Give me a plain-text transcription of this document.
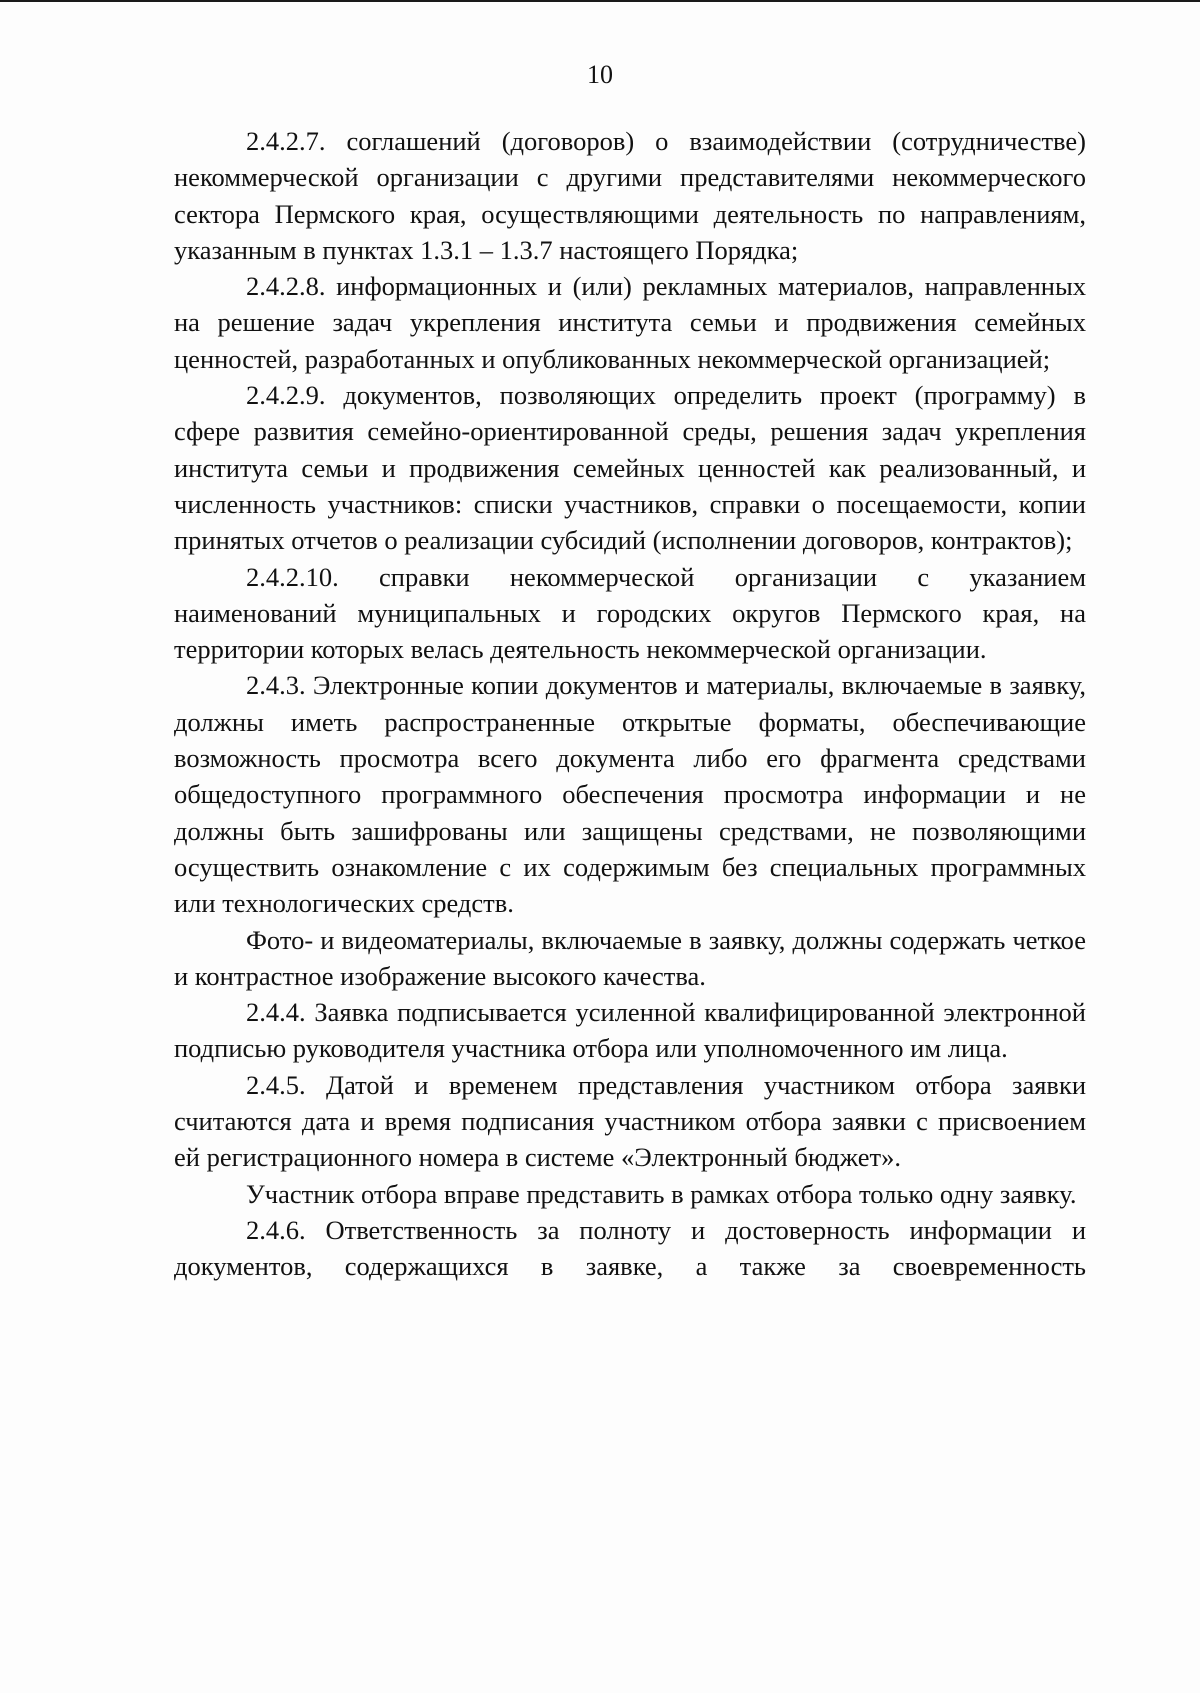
10

2.4.2.7. соглашений (договоров) о взаимодействии (сотрудничестве) некоммерческой организации с другими представителями некоммерческого сектора Пермского края, осуществляющими деятельность по направлениям, указанным в пунктах 1.3.1 – 1.3.7 настоящего Порядка;

2.4.2.8. информационных и (или) рекламных материалов, направленных на решение задач укрепления института семьи и продвижения семейных ценностей, разработанных и опубликованных некоммерческой организацией;

2.4.2.9. документов, позволяющих определить проект (программу) в сфере развития семейно-ориентированной среды, решения задач укрепления института семьи и продвижения семейных ценностей как реализованный, и численность участников: списки участников, справки о посещаемости, копии принятых отчетов о реализации субсидий (исполнении договоров, контрактов);

2.4.2.10. справки некоммерческой организации с указанием наименований муниципальных и городских округов Пермского края, на территории которых велась деятельность некоммерческой организации.

2.4.3. Электронные копии документов и материалы, включаемые в заявку, должны иметь распространенные открытые форматы, обеспечивающие возможность просмотра всего документа либо его фрагмента средствами общедоступного программного обеспечения просмотра информации и не должны быть зашифрованы или защищены средствами, не позволяющими осуществить ознакомление с их содержимым без специальных программных или технологических средств.

Фото- и видеоматериалы, включаемые в заявку, должны содержать четкое и контрастное изображение высокого качества.

2.4.4. Заявка подписывается усиленной квалифицированной электронной подписью руководителя участника отбора или уполномоченного им лица.

2.4.5. Датой и временем представления участником отбора заявки считаются дата и время подписания участником отбора заявки с присвоением ей регистрационного номера в системе «Электронный бюджет».

Участник отбора вправе представить в рамках отбора только одну заявку.

2.4.6. Ответственность за полноту и достоверность информации и документов, содержащихся в заявке, а также за своевременность
